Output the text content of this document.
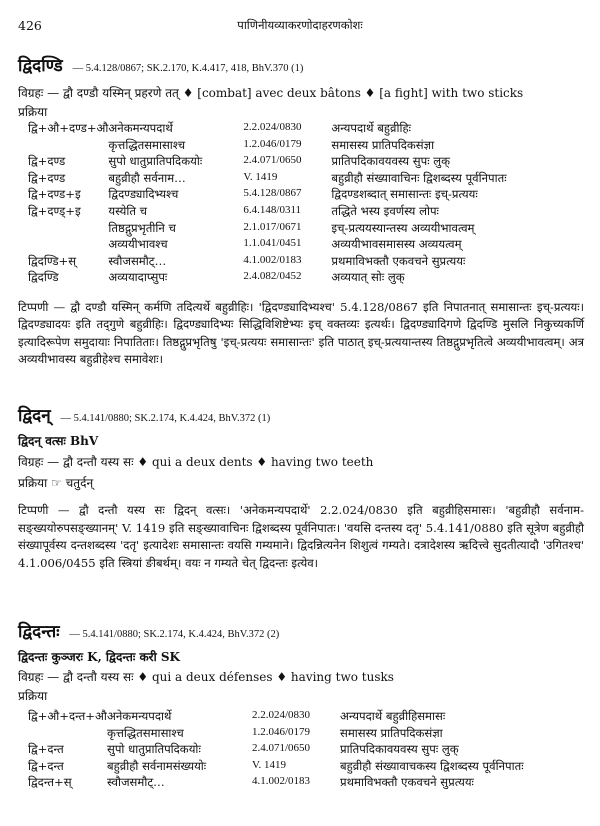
426	पाणिनीयव्याकरणोदाहरणकोशः
द्विदण्डि — 5.4.128/0867; SK.2.170, K.4.417, 418, BhV.370 (1)
विग्रहः — द्वौ दण्डौ यस्मिन् प्रहरणे तत् ♦ [combat] avec deux bâtons ♦ [a fight] with two sticks
प्रक्रिया
द्वि+औ+दण्ड+औ	अनेकमन्यपदार्थे	2.2.024/0830	अन्यपदार्थे बहुव्रीहिः
	कृत्तद्धितसमासाश्च	1.2.046/0179	समासस्य प्रातिपदिकसंज्ञा
द्वि+दण्ड	सुपो धातुप्रातिपदिकयोः	2.4.071/0650	प्रातिपदिकावयवस्य सुपः लुक्
द्वि+दण्ड	बहुव्रीहौ सर्वनाम…	V. 1419	बहुव्रीहौ संख्यावाचिनः द्विशब्दस्य पूर्वनिपातः
द्वि+दण्ड+इ	द्विदण्ड्यादिभ्यश्च	5.4.128/0867	द्विदण्डशब्दात् समासान्तः इच्-प्रत्ययः
द्वि+दण्ड्+इ	यस्येति च	6.4.148/0311	तद्धिते भस्य इवर्णस्य लोपः
	तिष्ठद्गुप्रभृतीनि च	2.1.017/0671	इच्-प्रत्ययस्यान्तस्य अव्ययीभावत्वम्
	अव्ययीभावश्च	1.1.041/0451	अव्ययीभावसमासस्य अव्ययत्वम्
द्विदण्डि+स्	स्वौजसमौट्…	4.1.002/0183	प्रथमाविभक्तौ एकवचने सुप्रत्ययः
द्विदण्डि	अव्ययादाप्सुपः	2.4.082/0452	अव्ययात् सोः लुक्
टिप्पणी — द्वौ दण्डौ यस्मिन् कर्मणि तदित्यर्थे बहुव्रीहिः। 'द्विदण्ड्यादिभ्यश्च' 5.4.128/0867 इति निपातनात् समासान्तः इच्-प्रत्ययः। द्विदण्ड्यादयः इति तद्‌गुणे बहुव्रीहिः। द्विदण्ड्यादिभ्यः सिद्धिविशिष्टेभ्यः इच् वक्तव्यः इत्यर्थः। द्विदण्ड्यादिगणे द्विदण्डि मुसलि निकुच्यकर्णि इत्यादिरूपेण समुदायाः निपातिताः। तिष्ठद्गुप्रभृतिषु 'इच्-प्रत्ययः समासान्तः' इति पाठात् इच्-प्रत्ययान्तस्य तिष्ठद्गुप्रभृतित्वे अव्ययीभावत्वम्। अत्र अव्ययीभावस्य बहुव्रीहेश्च समावेशः।
द्विदन् — 5.4.141/0880; SK.2.174, K.4.424, BhV.372 (1)
द्विदन् वत्सः BhV
विग्रहः — द्वौ दन्तौ यस्य सः ♦ qui a deux dents ♦ having two teeth
प्रक्रिया ☞ चतुर्दन्
टिप्पणी — द्वौ दन्तौ यस्य सः द्विदन् वत्सः। 'अनेकमन्यपदार्थे' 2.2.024/0830 इति बहुव्रीहिसमासः। 'बहुव्रीहौ सर्वनाम-सङ्ख्ययोरुपसङ्ख्यानम्' V. 1419 इति सङ्ख्यावाचिनः द्विशब्दस्य पूर्वनिपातः। 'वयसि दन्तस्य दतृ' 5.4.141/0880 इति सूत्रेण बहुव्रीहौ संख्यापूर्वस्य दन्तशब्दस्य 'दतृ' इत्यादेशः समासान्तः वयसि गम्यमाने। द्विदन्नित्यनेन शिशुत्वं गम्यते। दत्रादेशस्य ऋदित्त्वे सुदतीत्यादौ 'उगितश्च' 4.1.006/0455 इति स्त्रियां ङीबर्थम्। वयः न गम्यते चेत् द्विदन्तः इत्येव।
द्विदन्तः — 5.4.141/0880; SK.2.174, K.4.424, BhV.372 (2)
द्विदन्तः कुञ्जरः K, द्विदन्तः करी SK
विग्रहः — द्वौ दन्तौ यस्य सः ♦ qui a deux défenses ♦ having two tusks
प्रक्रिया
द्वि+औ+दन्त+औ	अनेकमन्यपदार्थे	2.2.024/0830	अन्यपदार्थे बहुव्रीहिसमासः
	कृत्तद्धितसमासाश्च	1.2.046/0179	समासस्य प्रातिपदिकसंज्ञा
द्वि+दन्त	सुपो धातुप्रातिपदिकयोः	2.4.071/0650	प्रातिपदिकावयवस्य सुपः लुक्
द्वि+दन्त	बहुव्रीहौ सर्वनामसंख्ययोः	V. 1419	बहुव्रीहौ संख्यावाचकस्य द्विशब्दस्य पूर्वनिपातः
द्विदन्त+स्	स्वौजसमौट्…	4.1.002/0183	प्रथमाविभक्तौ एकवचने सुप्रत्ययः
